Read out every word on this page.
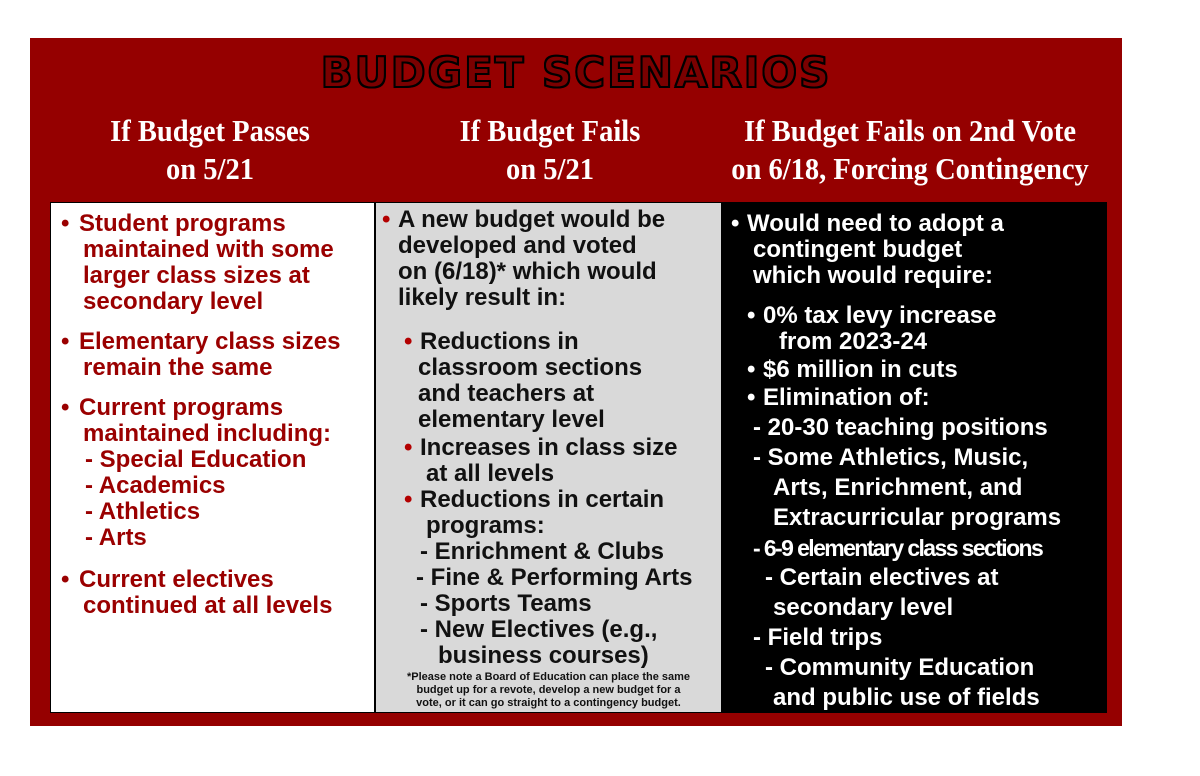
BUDGET SCENARIOS
If Budget Passes
on 5/21
If Budget Fails
on 5/21
If Budget Fails on 2nd Vote
on 6/18, Forcing Contingency
• Student programs
maintained with some
larger class sizes at
secondary level
• Elementary class sizes
remain the same
• Current programs
maintained including:
- Special Education
- Academics
- Athletics
- Arts
• Current electives
continued at all levels
• A new budget would be
developed and voted
on (6/18)* which would
likely result in:
• Reductions in
classroom sections
and teachers at
elementary level
• Increases in class size
at all levels
• Reductions in certain
programs:
- Enrichment & Clubs
- Fine & Performing Arts
- Sports Teams
- New Electives (e.g.,
business courses)
*Please note a Board of Education can place the same
budget up for a revote, develop a new budget for a
vote, or it can go straight to a contingency budget.
• Would need to adopt a
contingent budget
which would require:
• 0% tax levy increase
from 2023-24
• $6 million in cuts
• Elimination of:
- 20-30 teaching positions
- Some Athletics, Music,
Arts, Enrichment, and
Extracurricular programs
- 6-9 elementary class sections
- Certain electives at
secondary level
- Field trips
- Community Education
and public use of fields
